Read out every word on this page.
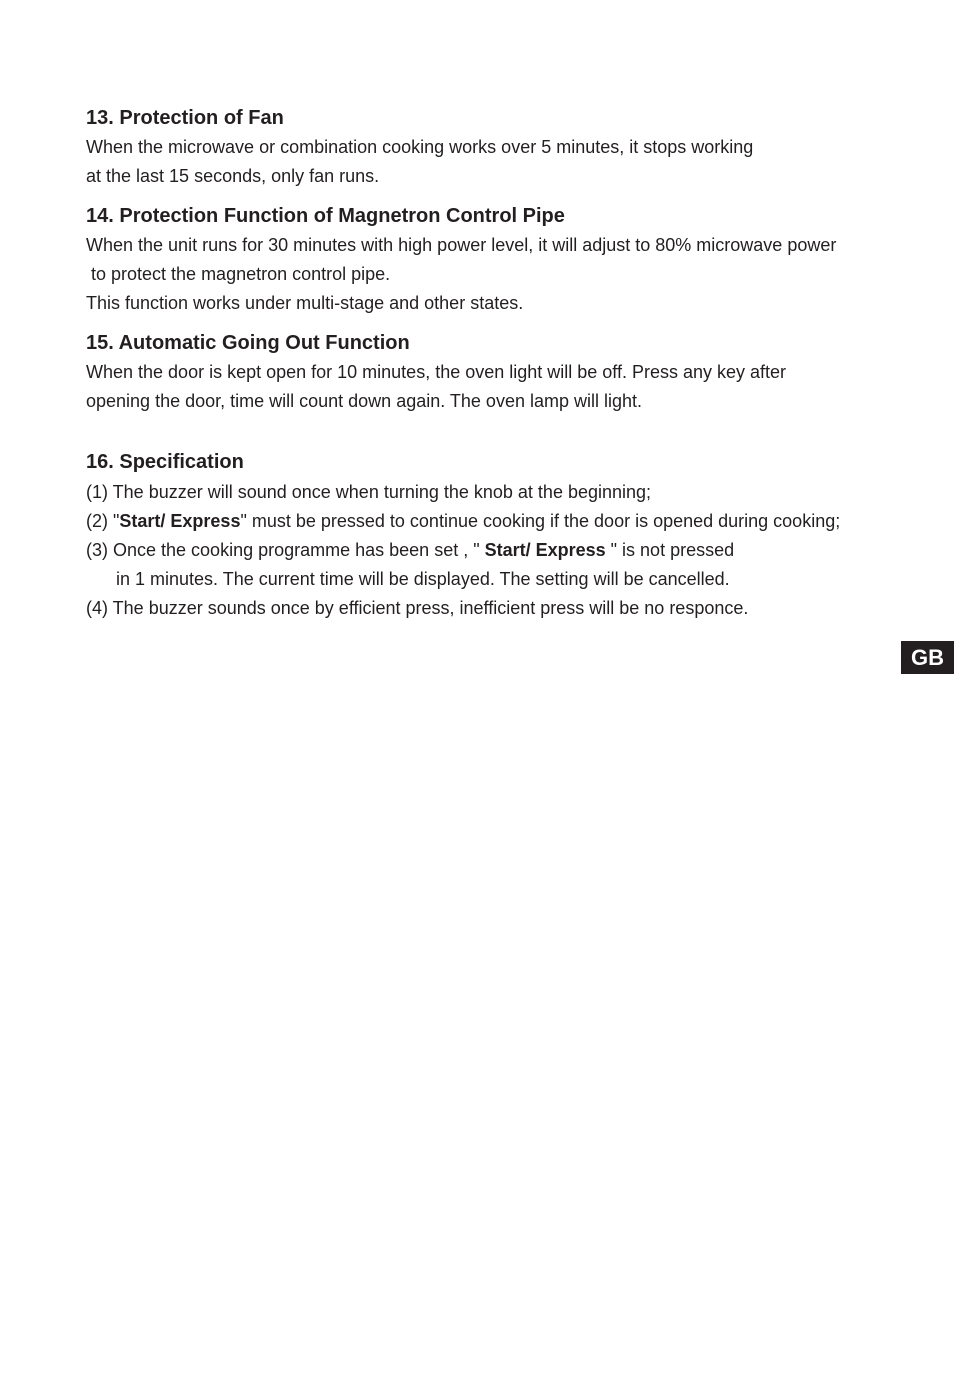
13. Protection of Fan

When the microwave or combination cooking works over 5 minutes, it stops working

at the last 15 seconds, only fan runs.

14. Protection Function of Magnetron Control Pipe

When the unit runs for 30 minutes with high power level, it will adjust to 80% microwave power

to protect the magnetron control pipe.

This function works under multi-stage and other states.

15. Automatic Going Out Function

When the door is kept open for 10 minutes, the oven light will be off. Press any key after

opening the door, time will count down again. The oven lamp will light.

16. Specification

(1) The buzzer will sound once when turning the knob at the beginning;

(2) "Start/ Express" must be pressed to continue cooking if the door is opened during cooking;

(3) Once the cooking programme has been set , " Start/ Express " is not pressed

in 1 minutes. The current time will be displayed. The setting will be cancelled.

(4) The buzzer sounds once by efficient press, inefficient press will be no responce.

GB
